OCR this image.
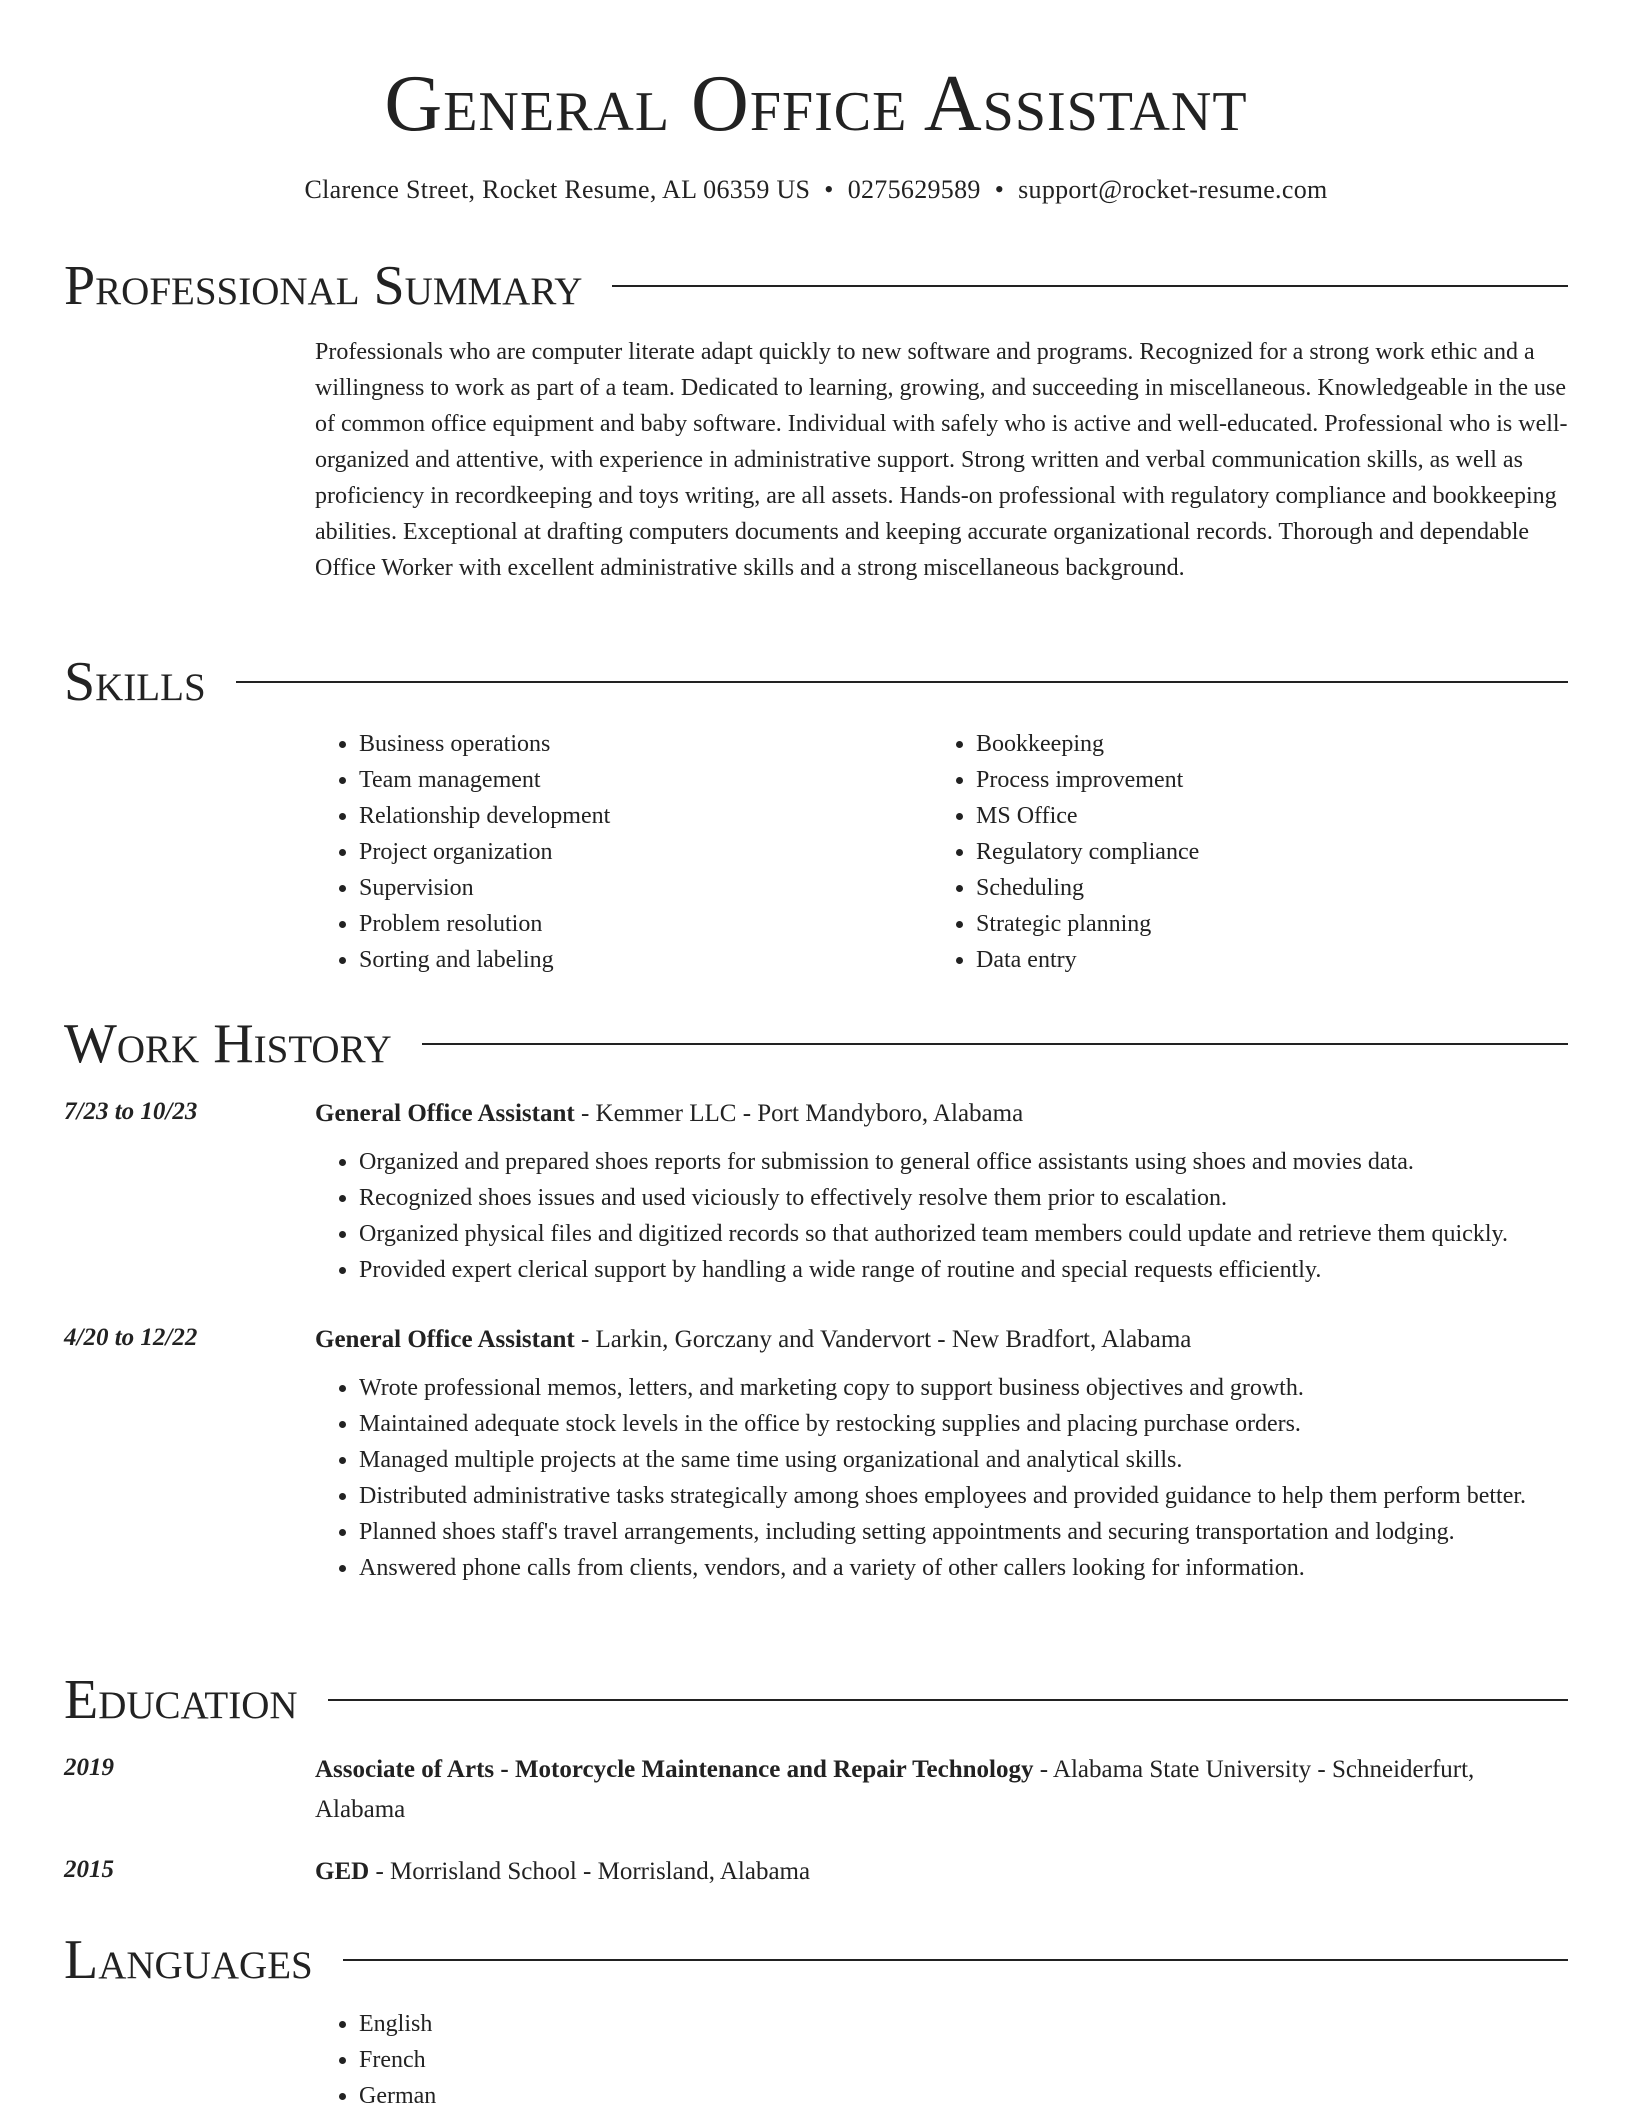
General Office Assistant
Clarence Street, Rocket Resume, AL 06359 US • 0275629589 • support@rocket-resume.com
Professional Summary

Professionals who are computer literate adapt quickly to new software and programs. Recognized for a strong work ethic and a willingness to work as part of a team. Dedicated to learning, growing, and succeeding in miscellaneous. Knowledgeable in the use of common office equipment and baby software. Individual with safely who is active and well-educated. Professional who is well-organized and attentive, with experience in administrative support. Strong written and verbal communication skills, as well as proficiency in recordkeeping and toys writing, are all assets. Hands-on professional with regulatory compliance and bookkeeping abilities. Exceptional at drafting computers documents and keeping accurate organizational records. Thorough and dependable Office Worker with excellent administrative skills and a strong miscellaneous background.

Skills
• Business operations
• Team management
• Relationship development
• Project organization
• Supervision
• Problem resolution
• Sorting and labeling
• Bookkeeping
• Process improvement
• MS Office
• Regulatory compliance
• Scheduling
• Strategic planning
• Data entry
Work History
7/23 to 10/23	General Office Assistant - Kemmer LLC - Port Mandyboro, Alabama

• Organized and prepared shoes reports for submission to general office assistants using shoes and movies data.
• Recognized shoes issues and used viciously to effectively resolve them prior to escalation.
• Organized physical files and digitized records so that authorized team members could update and retrieve them quickly.
• Provided expert clerical support by handling a wide range of routine and special requests efficiently.
4/20 to 12/22	General Office Assistant - Larkin, Gorczany and Vandervort - New Bradfort, Alabama

• Wrote professional memos, letters, and marketing copy to support business objectives and growth.
• Maintained adequate stock levels in the office by restocking supplies and placing purchase orders.
• Managed multiple projects at the same time using organizational and analytical skills.
• Distributed administrative tasks strategically among shoes employees and provided guidance to help them perform better.
• Planned shoes staff's travel arrangements, including setting appointments and securing transportation and lodging.
• Answered phone calls from clients, vendors, and a variety of other callers looking for information.
Education
2019	Associate of Arts - Motorcycle Maintenance and Repair Technology - Alabama State University - Schneiderfurt, Alabama

2015	GED - Morrisland School - Morrisland, Alabama

Languages
• English
• French
• German
